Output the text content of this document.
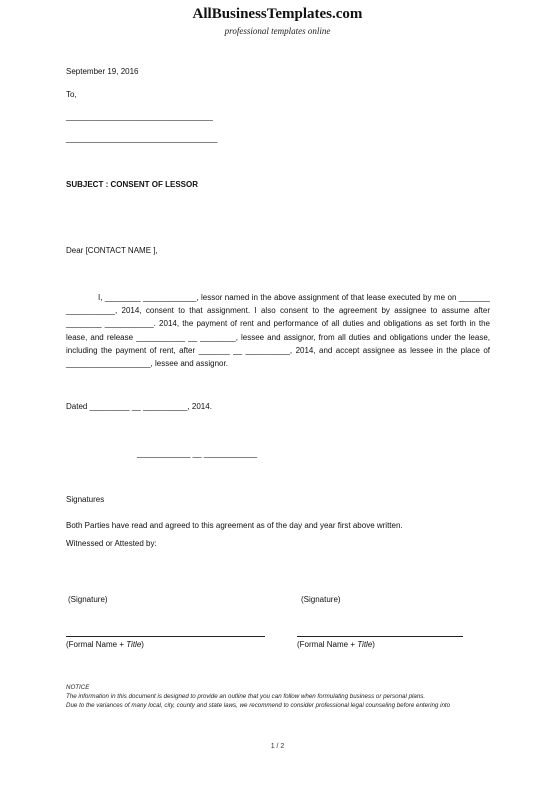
AllBusinessTemplates.com
professional templates online
September 19, 2016
To,
_________________________________
__________________________________
SUBJECT : CONSENT OF LESSOR
Dear [CONTACT NAME ],
I, ________ ____________, lessor named in the above assignment of that lease executed by me on _______ ___________, 2014, consent to that assignment. I also consent to the agreement by assignee to assume after ________ ___________. 2014, the payment of rent and performance of all duties and obligations as set forth in the lease, and release ___________ __ ________, lessee and assignor, from all duties and obligations under the lease, including the payment of rent, after _______ __ __________, 2014, and accept assignee as lessee in the place of ___________________, lessee and assignor.
Dated _________ __ __________, 2014.
____________ __ ____________
Signatures
Both Parties have read and agreed to this agreement as of the day and year first above written.
Witnessed or Attested by:
(Signature)	(Signature)
(Formal Name + Title)	(Formal Name + Title)
NOTICE
The information in this document is designed to provide an outline that you can follow when formulating business or personal plans.
Due to the variances of many local, city, county and state laws, we recommend to consider professional legal counseling before entering into
1 / 2
